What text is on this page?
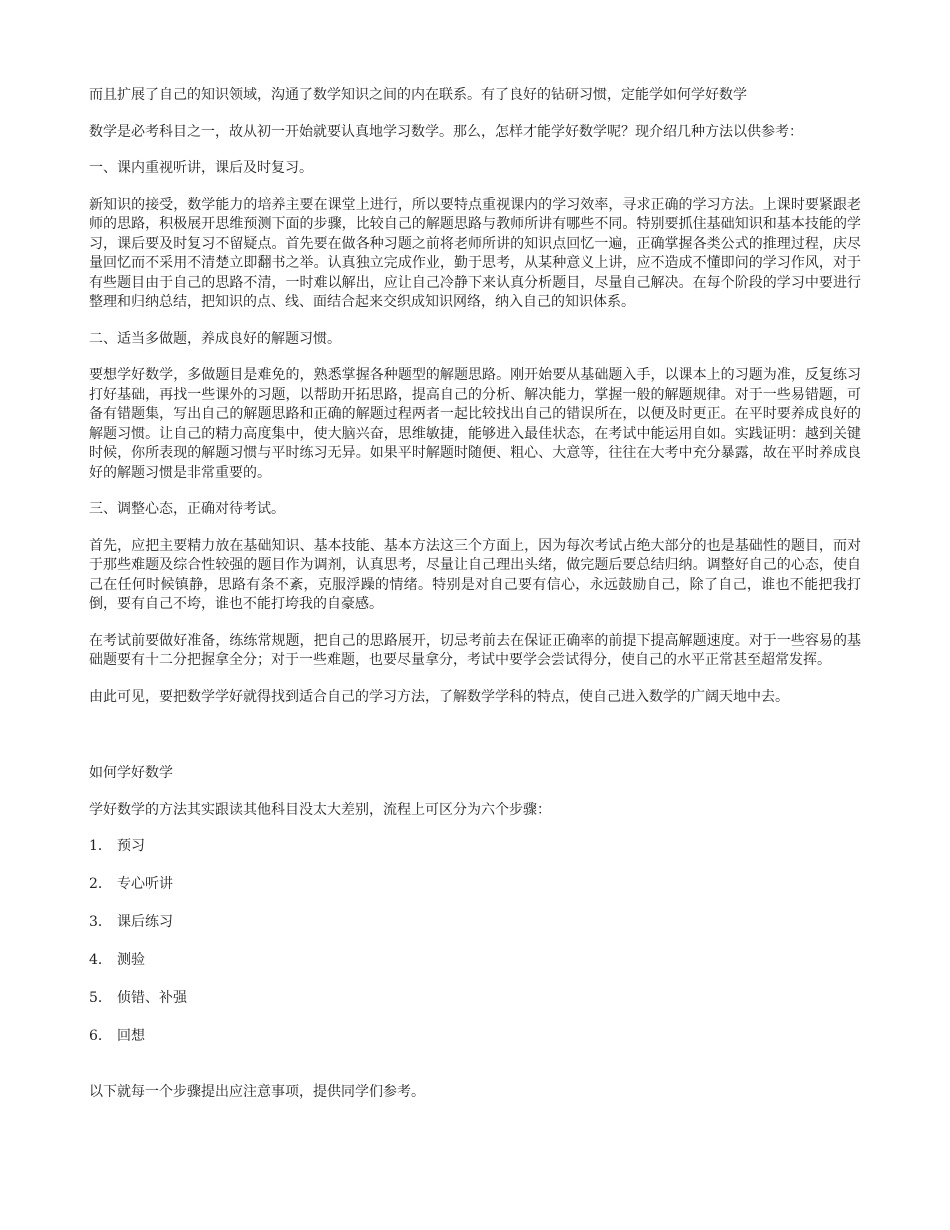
而且扩展了自己的知识领域，沟通了数学知识之间的内在联系。有了良好的钻研习惯，定能学如何学好数学

数学是必考科目之一，故从初一开始就要认真地学习数学。那么，怎样才能学好数学呢？现介绍几种方法以供参考：

一、课内重视听讲，课后及时复习。

新知识的接受，数学能力的培养主要在课堂上进行，所以要特点重视课内的学习效率，寻求正确的学习方法。上课时要紧跟老师的思路，积极展开思维预测下面的步骤，比较自己的解题思路与教师所讲有哪些不同。特别要抓住基础知识和基本技能的学习，课后要及时复习不留疑点。首先要在做各种习题之前将老师所讲的知识点回忆一遍，正确掌握各类公式的推理过程，庆尽量回忆而不采用不清楚立即翻书之举。认真独立完成作业，勤于思考，从某种意义上讲，应不造成不懂即问的学习作风，对于有些题目由于自己的思路不清，一时难以解出，应让自己冷静下来认真分析题目，尽量自己解决。在每个阶段的学习中要进行整理和归纳总结，把知识的点、线、面结合起来交织成知识网络，纳入自己的知识体系。

二、适当多做题，养成良好的解题习惯。

要想学好数学，多做题目是难免的，熟悉掌握各种题型的解题思路。刚开始要从基础题入手，以课本上的习题为准，反复练习打好基础，再找一些课外的习题，以帮助开拓思路，提高自己的分析、解决能力，掌握一般的解题规律。对于一些易错题，可备有错题集，写出自己的解题思路和正确的解题过程两者一起比较找出自己的错误所在，以便及时更正。在平时要养成良好的解题习惯。让自己的精力高度集中，使大脑兴奋，思维敏捷，能够进入最佳状态，在考试中能运用自如。实践证明：越到关键时候，你所表现的解题习惯与平时练习无异。如果平时解题时随便、粗心、大意等，往往在大考中充分暴露，故在平时养成良好的解题习惯是非常重要的。

三、调整心态，正确对待考试。

首先，应把主要精力放在基础知识、基本技能、基本方法这三个方面上，因为每次考试占绝大部分的也是基础性的题目，而对于那些难题及综合性较强的题目作为调剂，认真思考，尽量让自己理出头绪，做完题后要总结归纳。调整好自己的心态，使自己在任何时候镇静，思路有条不紊，克服浮躁的情绪。特别是对自己要有信心，永远鼓励自己，除了自己，谁也不能把我打倒，要有自己不垮，谁也不能打垮我的自豪感。

在考试前要做好准备，练练常规题，把自己的思路展开，切忌考前去在保证正确率的前提下提高解题速度。对于一些容易的基础题要有十二分把握拿全分；对于一些难题，也要尽量拿分，考试中要学会尝试得分，使自己的水平正常甚至超常发挥。

由此可见，要把数学学好就得找到适合自己的学习方法，了解数学学科的特点，使自己进入数学的广阔天地中去。

如何学好数学

学好数学的方法其实跟读其他科目没太大差别，流程上可区分为六个步骤：

1． 预习
2． 专心听讲
3． 课后练习
4． 测验
5． 侦错、补强
6． 回想

以下就每一个步骤提出应注意事项，提供同学们参考。
